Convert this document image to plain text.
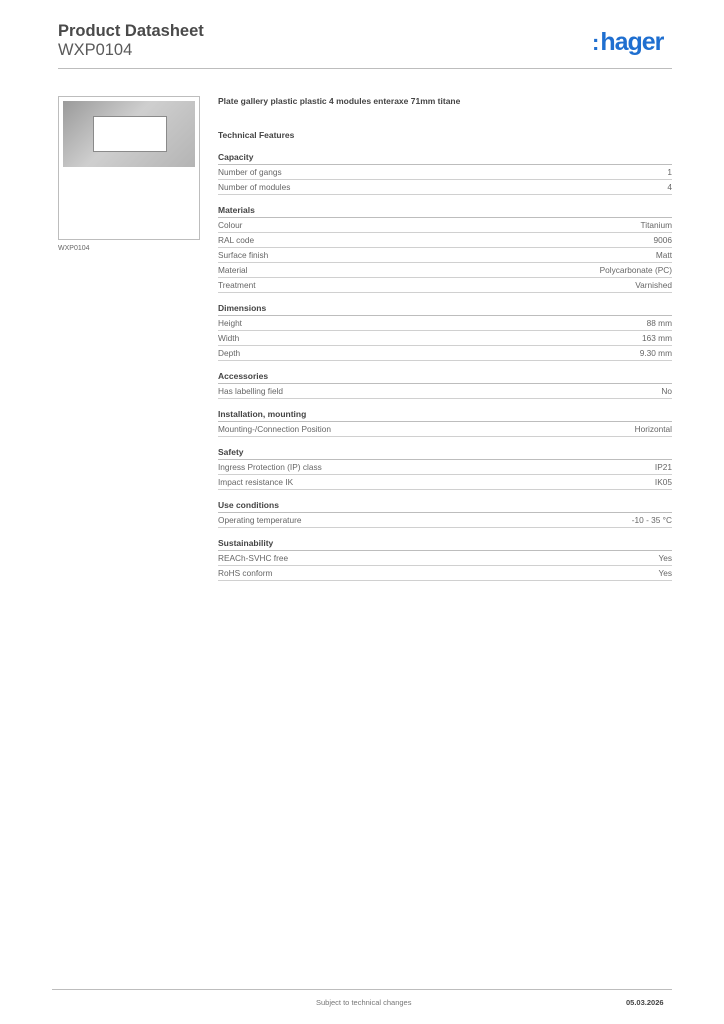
Product Datasheet
WXP0104	:hager
WXP0104
Plate gallery plastic plastic 4 modules enteraxe 71mm titane
Technical Features
Capacity
Number of gangs	1
Number of modules	4
Materials
Colour	Titanium
RAL code	9006
Surface finish	Matt
Material	Polycarbonate (PC)
Treatment	Varnished
Dimensions
Height	88 mm
Width	163 mm
Depth	9.30 mm
Accessories
Has labelling field	No
Installation, mounting
Mounting-/Connection Position	Horizontal
Safety
Ingress Protection (IP) class	IP21
Impact resistance IK	IK05
Use conditions
Operating temperature	-10 - 35 °C
Sustainability
REACh-SVHC free	Yes
RoHS conform	Yes
Subject to technical changes	05.03.2026
